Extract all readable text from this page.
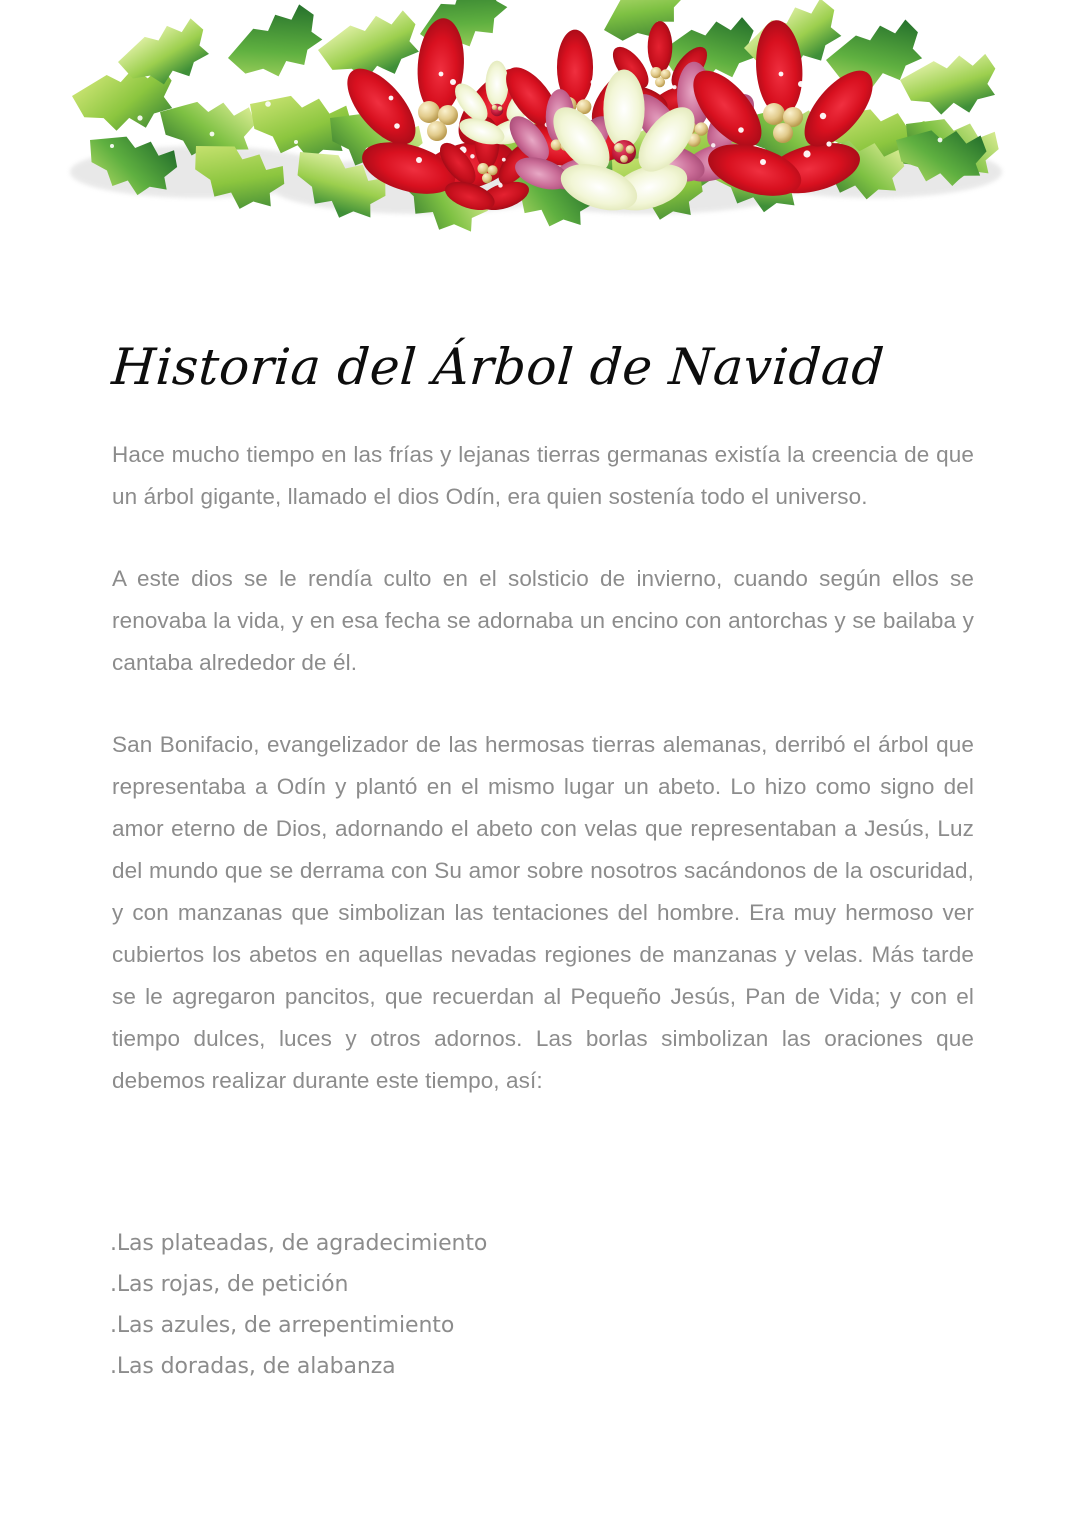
Historia del Árbol de Navidad

Hace mucho tiempo en las frías y lejanas tierras germanas existía la creencia de que un árbol gigante, llamado el dios Odín, era quien sostenía todo el universo.

A este dios se le rendía culto en el solsticio de invierno, cuando según ellos se renovaba la vida, y en esa fecha se adornaba un encino con antorchas y se bailaba y cantaba alrededor de él.

San Bonifacio, evangelizador de las hermosas tierras alemanas, derribó el árbol que representaba a Odín y plantó en el mismo lugar un abeto. Lo hizo como signo del amor eterno de Dios, adornando el abeto con velas que representaban a Jesús, Luz del mundo que se derrama con Su amor sobre nosotros sacándonos de la oscuridad, y con manzanas que simbolizan las tentaciones del hombre. Era muy hermoso ver cubiertos los abetos en aquellas nevadas regiones de manzanas y velas. Más tarde se le agregaron pancitos, que recuerdan al Pequeño Jesús, Pan de Vida; y con el tiempo dulces, luces y otros adornos. Las borlas simbolizan las oraciones que debemos realizar durante este tiempo, así:

.Las plateadas, de agradecimiento
.Las rojas, de petición
.Las azules, de arrepentimiento
.Las doradas, de alabanza
